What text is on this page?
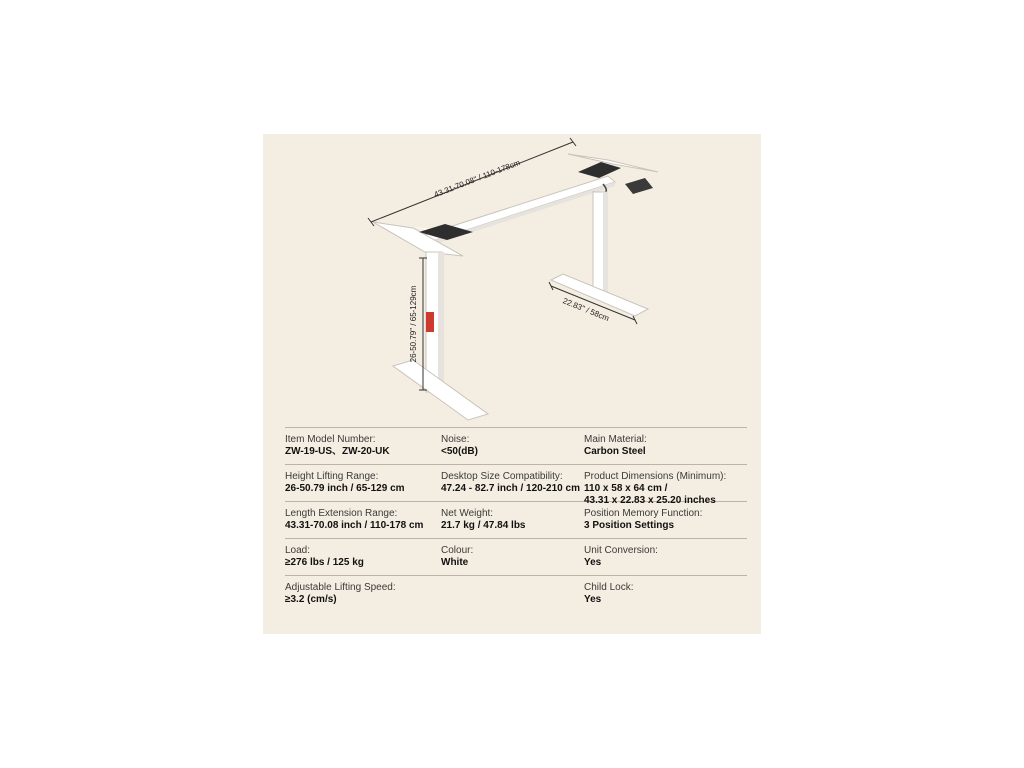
43.31-70.08" / 110-178cm
26-50.79" / 65-129cm	22.83" / 58cm
Item Model Number:
ZW-19-US、ZW-20-UK
Noise:
<50(dB)
Main Material:
Carbon Steel
Height Lifting Range:
26-50.79 inch / 65-129 cm
Desktop Size Compatibility:
47.24 - 82.7 inch / 120-210 cm
Product Dimensions (Minimum):
110 x 58 x 64 cm /
43.31 x 22.83 x 25.20 inches
Length Extension Range:
43.31-70.08 inch / 110-178 cm
Net Weight:
21.7 kg / 47.84 lbs
Position Memory Function:
3 Position Settings
Load:
≥276 lbs / 125 kg
Colour:
White
Unit Conversion:
Yes
Adjustable Lifting Speed:
≥3.2 (cm/s)
Child Lock:
Yes
